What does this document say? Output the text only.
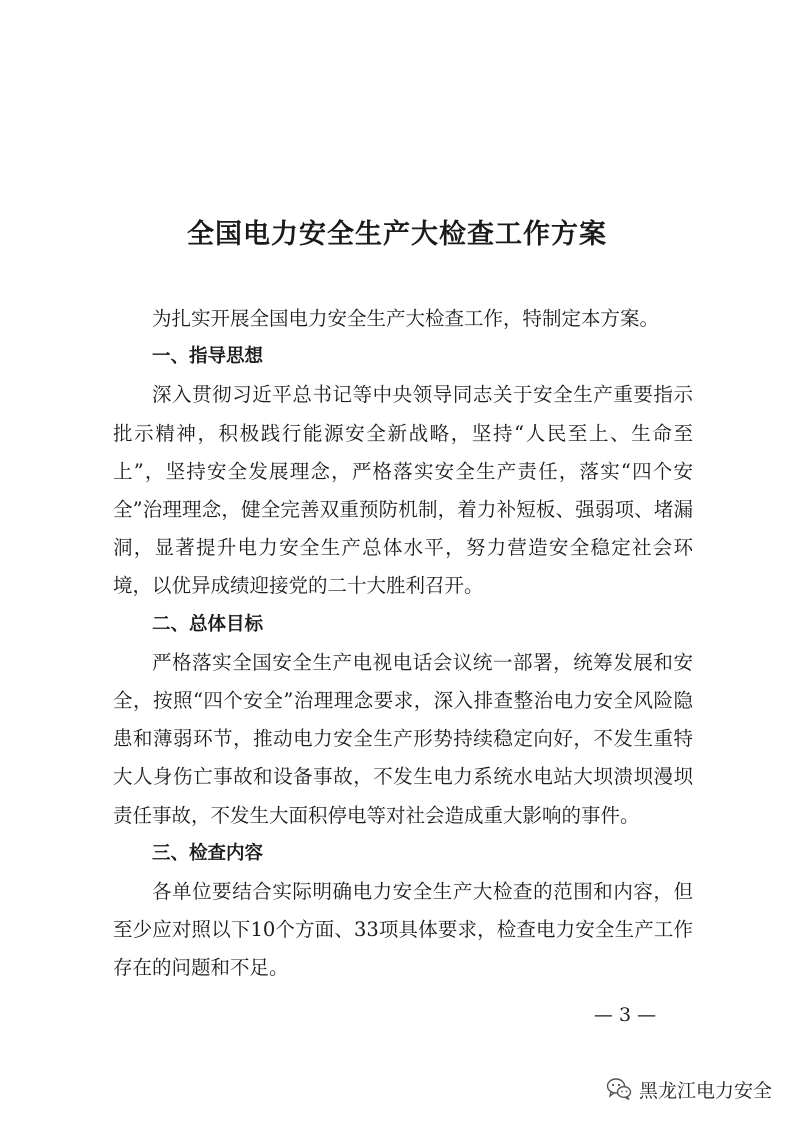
全国电力安全生产大检查工作方案

为扎实开展全国电力安全生产大检查工作，特制定本方案。

一、指导思想

深入贯彻习近平总书记等中央领导同志关于安全生产重要指示批示精神，积极践行能源安全新战略，坚持“人民至上、生命至上”，坚持安全发展理念，严格落实安全生产责任，落实“四个安全”治理理念，健全完善双重预防机制，着力补短板、强弱项、堵漏洞，显著提升电力安全生产总体水平，努力营造安全稳定社会环境，以优异成绩迎接党的二十大胜利召开。

二、总体目标

严格落实全国安全生产电视电话会议统一部署，统筹发展和安全，按照“四个安全”治理理念要求，深入排查整治电力安全风险隐患和薄弱环节，推动电力安全生产形势持续稳定向好，不发生重特大人身伤亡事故和设备事故，不发生电力系统水电站大坝溃坝漫坝责任事故，不发生大面积停电等对社会造成重大影响的事件。

三、检查内容

各单位要结合实际明确电力安全生产大检查的范围和内容，但至少应对照以下10个方面、33项具体要求，检查电力安全生产工作存在的问题和不足。

— 3 —
黑龙江电力安全
